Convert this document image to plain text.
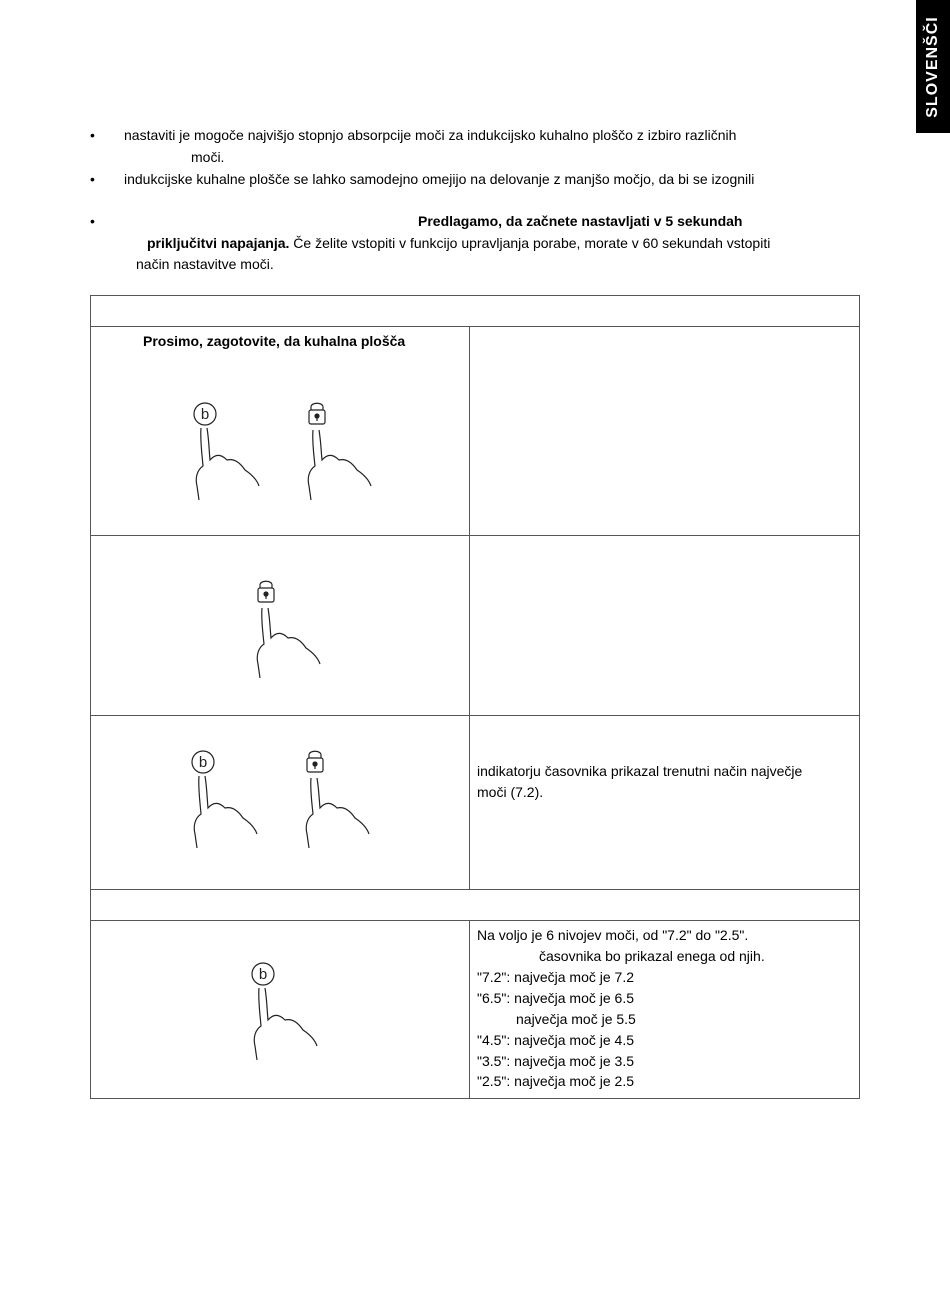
SLOVENŠČI
• nastaviti je mogoče najvišjo stopnjo absorpcije moči za indukcijsko kuhalno ploščo z izbiro različnih
moči.
• indukcijske kuhalne plošče se lahko samodejno omejijo na delovanje z manjšo močjo, da bi se izognili
•	Predlagamo, da začnete nastavljati v 5 sekundah
priključitvi napajanja. Če želite vstopiti v funkcijo upravljanja porabe, morate v 60 sekundah vstopiti
način nastavitve moči.
Prosimo, zagotovite, da kuhalna plošča
indikatorju časovnika prikazal trenutni način največje
moči (7.2).
Na voljo je 6 nivojev moči, od "7.2" do "2.5".
časovnika bo prikazal enega od njih.
"7.2": največja moč je 7.2
"6.5": največja moč je 6.5
največja moč je 5.5
"4.5": največja moč je 4.5
"3.5": največja moč je 3.5
"2.5": največja moč je 2.5
b
b
b
